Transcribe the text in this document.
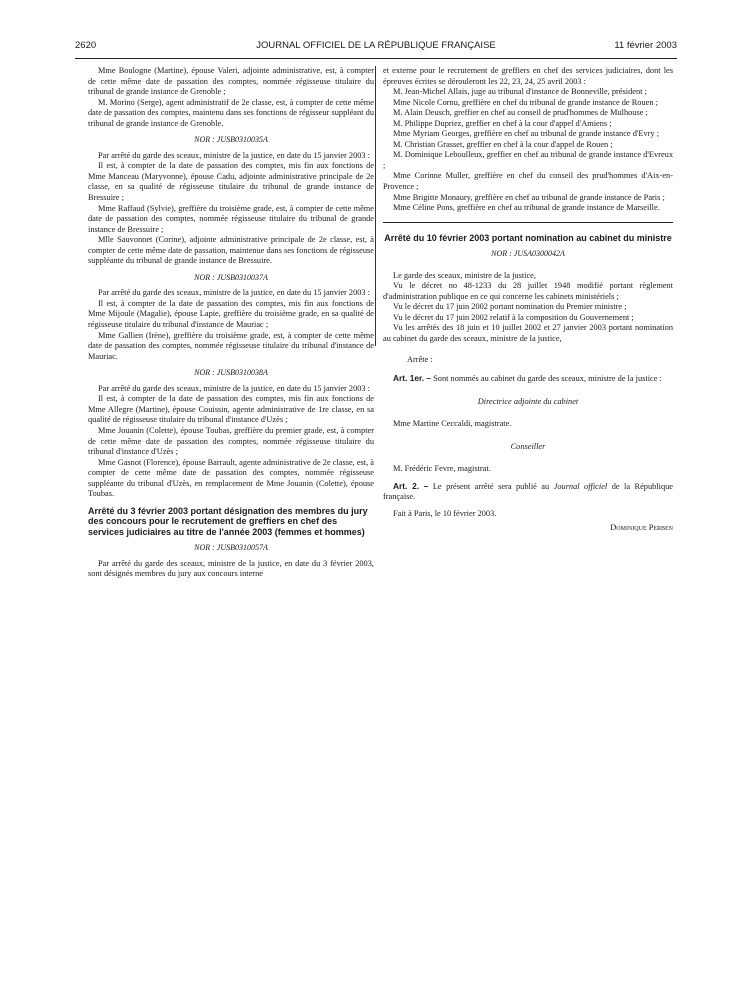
2620	JOURNAL OFFICIEL DE LA RÉPUBLIQUE FRANÇAISE	11 février 2003

Mme Boulogne (Martine), épouse Valeri, adjointe administrative, est, à compter de cette même date de passation des comptes, nommée régisseuse titulaire du tribunal de grande instance de Grenoble ;

M. Morino (Serge), agent administratif de 2e classe, est, à compter de cette même date de passation des comptes, maintenu dans ses fonctions de régisseur suppléant du tribunal de grande instance de Grenoble.

NOR : JUSB0310035A

Par arrêté du garde des sceaux, ministre de la justice, en date du 15 janvier 2003 :

Il est, à compter de la date de passation des comptes, mis fin aux fonctions de Mme Manceau (Maryvonne), épouse Cadu, adjointe administrative principale de 2e classe, en sa qualité de régisseuse titulaire du tribunal de grande instance de Bressuire ;

Mme Raffaud (Sylvie), greffière du troisième grade, est, à compter de cette même date de passation des comptes, nommée régisseuse titulaire du tribunal de grande instance de Bressuire ;

Mlle Sauvonnet (Corine), adjointe administrative principale de 2e classe, est, à compter de cette même date de passation, maintenue dans ses fonctions de régisseuse suppléante du tribunal de grande instance de Bressuire.

NOR : JUSB0310037A

Par arrêté du garde des sceaux, ministre de la justice, en date du 15 janvier 2003 :

Il est, à compter de la date de passation des comptes, mis fin aux fonctions de Mme Mijoule (Magalie), épouse Lapie, greffière du troisième grade, en sa qualité de régisseuse titulaire du tribunal d'instance de Mauriac ;

Mme Gallien (Irène), greffière du troisième grade, est, à compter de cette même date de passation des comptes, nommée régisseuse titulaire du tribunal d'instance de Mauriac.

NOR : JUSB0310038A

Par arrêté du garde des sceaux, ministre de la justice, en date du 15 janvier 2003 :

Il est, à compter de la date de passation des comptes, mis fin aux fonctions de Mme Allegre (Martine), épouse Couissin, agente administrative de 1re classe, en sa qualité de régisseuse titulaire du tribunal d'instance d'Uzès ;

Mme Jouanin (Colette), épouse Toubas, greffière du premier grade, est, à compter de cette même date de passation des comptes, nommée régisseuse titulaire du tribunal d'instance d'Uzès ;

Mme Gasnot (Florence), épouse Barrault, agente administrative de 2e classe, est, à compter de cette même date de passation des comptes, nommée régisseuse suppléante du tribunal d'Uzès, en remplacement de Mme Jouanin (Colette), épouse Toubas.

Arrêté du 3 février 2003 portant désignation des membres du jury des concours pour le recrutement de greffiers en chef des services judiciaires au titre de l'année 2003 (femmes et hommes)

NOR : JUSB0310057A

Par arrêté du garde des sceaux, ministre de la justice, en date du 3 février 2003, sont désignés membres du jury aux concours interne

et externe pour le recrutement de greffiers en chef des services judiciaires, dont les épreuves écrites se dérouleront les 22, 23, 24, 25 avril 2003 :

M. Jean-Michel Allais, juge au tribunal d'instance de Bonneville, président ;

Mme Nicole Cornu, greffière en chef du tribunal de grande instance de Rouen ;

M. Alain Deusch, greffier en chef au conseil de prud'hommes de Mulhouse ;

M. Philippe Dupriez, greffier en chef à la cour d'appel d'Amiens ;

Mme Myriam Georges, greffière en chef au tribunal de grande instance d'Evry ;

M. Christian Grasset, greffier en chef à la cour d'appel de Rouen ;

M. Dominique Leboulleux, greffier en chef au tribunal de grande instance d'Evreux ;

Mme Corinne Muller, greffière en chef du conseil des prud'hommes d'Aix-en-Provence ;

Mme Brigitte Monaury, greffière en chef au tribunal de grande instance de Paris ;

Mme Céline Pons, greffière en chef au tribunal de grande instance de Marseille.

Arrêté du 10 février 2003 portant nomination au cabinet du ministre

NOR : JUSA0300042A

Le garde des sceaux, ministre de la justice,

Vu le décret no 48-1233 du 28 juillet 1948 modifié portant règlement d'administration publique en ce qui concerne les cabinets ministériels ;

Vu le décret du 17 juin 2002 portant nomination du Premier ministre ;

Vu le décret du 17 juin 2002 relatif à la composition du Gouvernement ;

Vu les arrêtés des 18 juin et 10 juillet 2002 et 27 janvier 2003 portant nomination au cabinet du garde des sceaux, ministre de la justice,

Arrête :

Art. 1er. – Sont nommés au cabinet du garde des sceaux, ministre de la justice :

Directrice adjointe du cabinet

Mme Martine Ceccaldi, magistrate.

Conseiller

M. Frédéric Fevre, magistrat.

Art. 2. – Le présent arrêté sera publié au Journal officiel de la République française.

Fait à Paris, le 10 février 2003.

Dominique Perben
